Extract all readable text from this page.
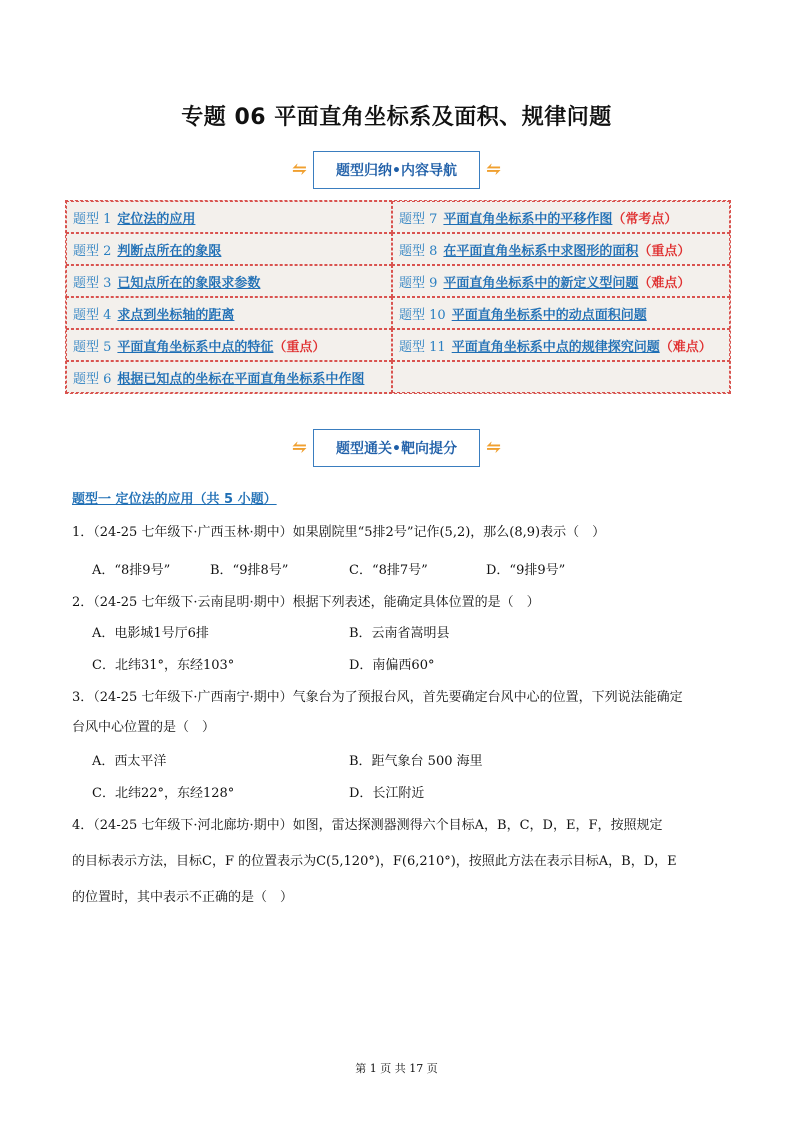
专题 06 平面直角坐标系及面积、规律问题
⇋	题型归纳•内容导航	⇋
题型 1 定位法的应用	题型 7 平面直角坐标系中的平移作图 （常考点）
题型 2 判断点所在的象限	题型 8 在平面直角坐标系中求图形的面积 （重点）
题型 3 已知点所在的象限求参数	题型 9 平面直角坐标系中的新定义型问题 （难点）
题型 4 求点到坐标轴的距离	题型 10 平面直角坐标系中的动点面积问题
题型 5 平面直角坐标系中点的特征 （重点）	题型 11 平面直角坐标系中点的规律探究问题 （难点）
题型 6 根据已知点的坐标在平面直角坐标系中作图
⇋	题型通关•靶向提分	⇋
题型一 定位法的应用（共 5 小题）
1．（24-25 七年级下·广西玉林·期中）如果剧院里“5排2号”记作(5,2)，那么(8,9)表示（　）
A．“8排9号”	B．“9排8号”	C．“8排7号”	D．“9排9号”
2．（24-25 七年级下·云南昆明·期中）根据下列表述，能确定具体位置的是（　）
A．电影城1号厅6排	B．云南省嵩明县
C．北纬31°，东经103°	D．南偏西60°
3．（24-25 七年级下·广西南宁·期中）气象台为了预报台风，首先要确定台风中心的位置，下列说法能确定
台风中心位置的是（　）
A．西太平洋	B．距气象台 500 海里
C．北纬22°，东经128°	D．长江附近
4．（24-25 七年级下·河北廊坊·期中）如图，雷达探测器测得六个目标A，B，C，D，E，F，按照规定
的目标表示方法，目标C，F 的位置表示为C(5,120°)，F(6,210°)，按照此方法在表示目标A，B，D，E
的位置时，其中表示不正确的是（　）
第 1 页 共 17 页
